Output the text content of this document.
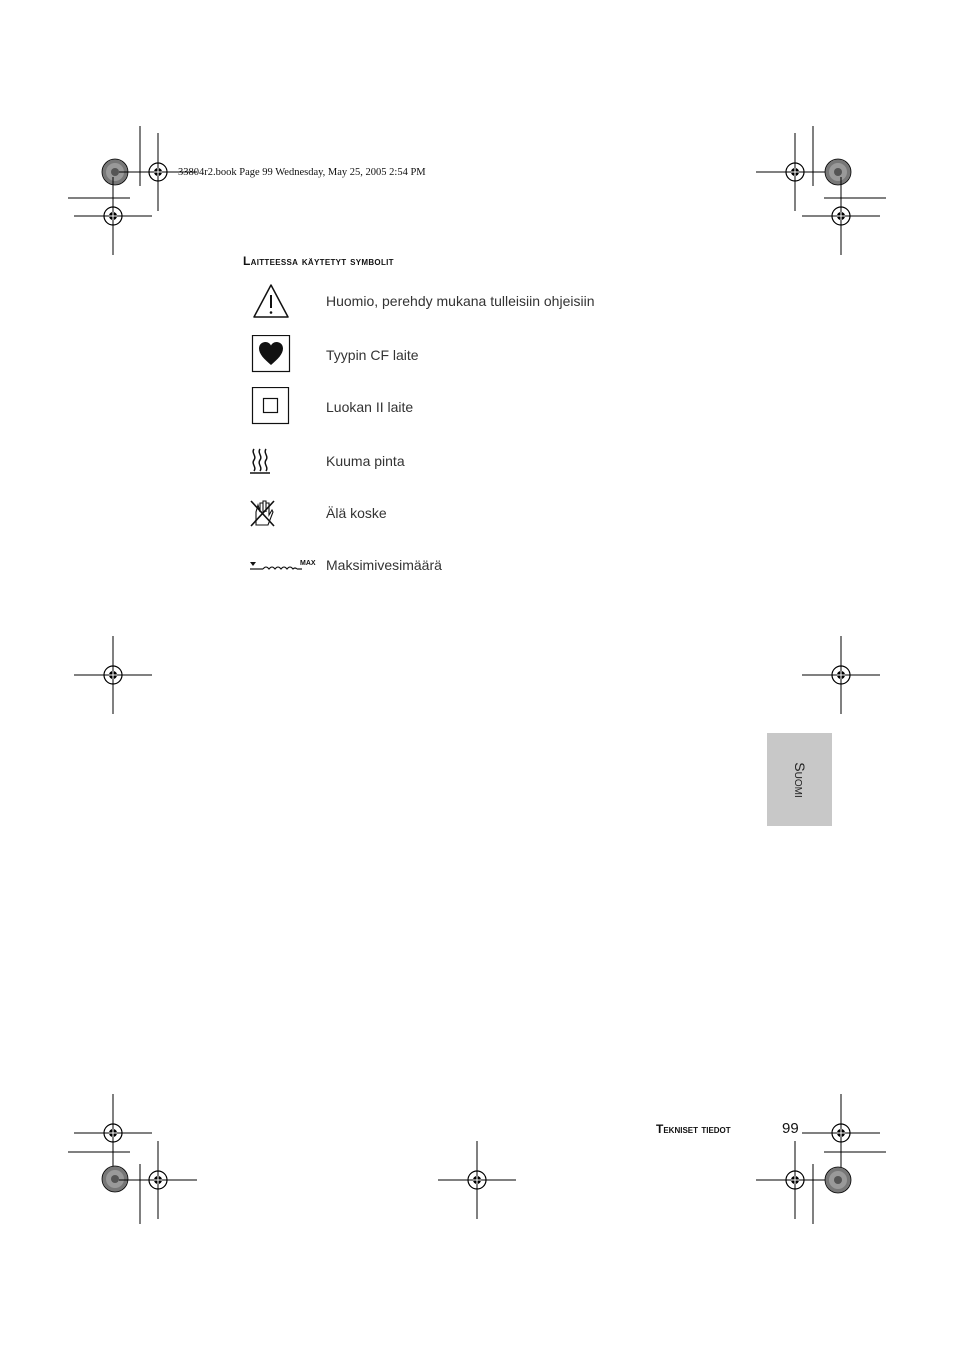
33804r2.book Page 99 Wednesday, May 25, 2005 2:54 PM
Laitteessa käytetyt symbolit
Huomio, perehdy mukana tulleisiin ohjeisiin
Tyypin CF laite
Luokan II laite
Kuuma pinta
Älä koske
MAX Maksimivesimäärä
Suomi
Tekniset tiedot	99
